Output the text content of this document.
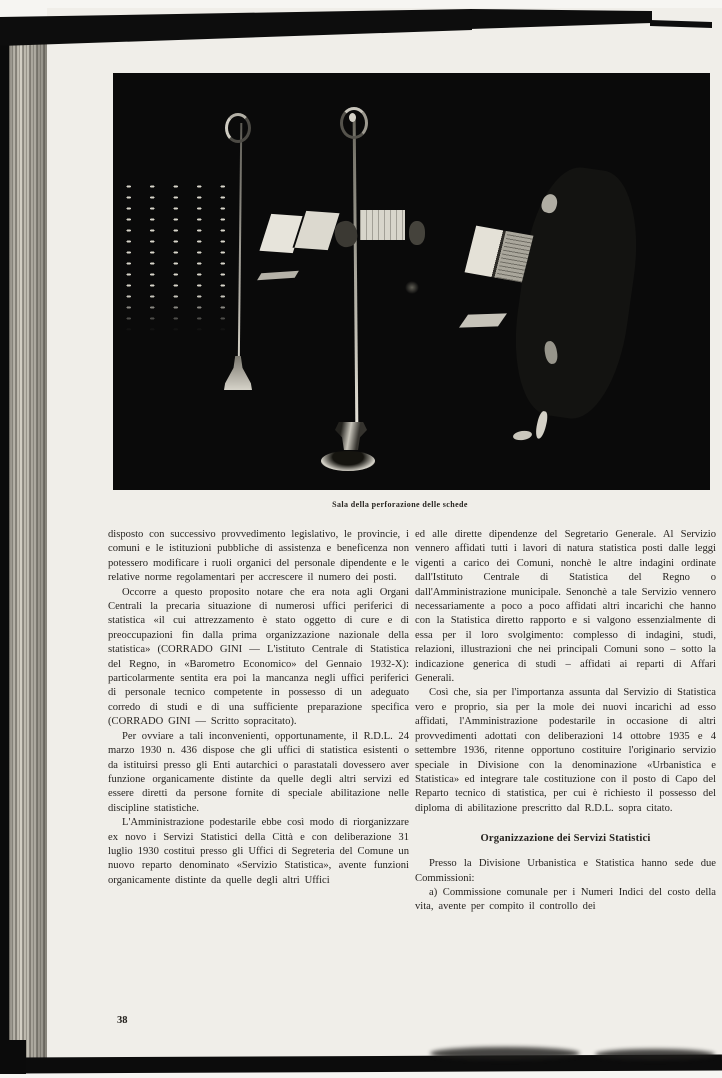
Sala della perforazione delle schede

disposto con successivo provvedimento legislativo, le provincie, i comuni e le istituzioni pubbliche di assistenza e beneficenza non potessero modificare i ruoli organici del personale dipendente e le relative norme regolamentari per accrescere il numero dei posti.

Occorre a questo proposito notare che era nota agli Organi Centrali la precaria situazione di numerosi uffici periferici di statistica «il cui attrezzamento è stato oggetto di cure e di preoccupazioni fin dalla prima organizzazione nazionale della statistica» (CORRADO GINI — L'istituto Centrale di Statistica del Regno, in «Barometro Economico» del Gennaio 1932-X): particolarmente sentita era poi la mancanza negli uffici periferici di personale tecnico competente in possesso di un adeguato corredo di studi e di una sufficiente preparazione specifica (CORRADO GINI — Scritto sopracitato).

Per ovviare a tali inconvenienti, opportunamente, il R.D.L. 24 marzo 1930 n. 436 dispose che gli uffici di statistica esistenti o da istituirsi presso gli Enti autarchici o parastatali dovessero aver funzione organicamente distinte da quelle degli altri servizi ed essere diretti da persone fornite di speciale abilitazione nelle discipline statistiche.

L'Amministrazione podestarile ebbe così modo di riorganizzare ex novo i Servizi Statistici della Città e con deliberazione 31 luglio 1930 costituì presso gli Uffici di Segreteria del Comune un nuovo reparto denominato «Servizio Statistica», avente funzioni organicamente distinte da quelle degli altri Uffici

ed alle dirette dipendenze del Segretario Generale. Al Servizio vennero affidati tutti i lavori di natura statistica posti dalle leggi vigenti a carico dei Comuni, nonchè le altre indagini ordinate dall'Istituto Centrale di Statistica del Regno o dall'Amministrazione municipale. Senonchè a tale Servizio vennero necessariamente a poco a poco affidati altri incarichi che hanno con la Statistica diretto rapporto e si valgono essenzialmente di essa per il loro svolgimento: complesso di indagini, studi, relazioni, illustrazioni che nei principali Comuni sono – sotto la indicazione generica di studi – affidati ai reparti di Affari Generali.

Così che, sia per l'importanza assunta dal Servizio di Statistica vero e proprio, sia per la mole dei nuovi incarichi ad esso affidati, l'Amministrazione podestarile in occasione di altri provvedimenti adottati con deliberazioni 14 ottobre 1935 e 4 settembre 1936, ritenne opportuno costituire l'originario servizio speciale in Divisione con la denominazione «Urbanistica e Statistica» ed integrare tale costituzione con il posto di Capo del Reparto tecnico di statistica, per cui è richiesto il possesso del diploma di abilitazione prescritto dal R.D.L. sopra citato.

Organizzazione dei Servizi Statistici

Presso la Divisione Urbanistica e Statistica hanno sede due Commissioni:

a) Commissione comunale per i Numeri Indici del costo della vita, avente per compito il controllo dei

38
